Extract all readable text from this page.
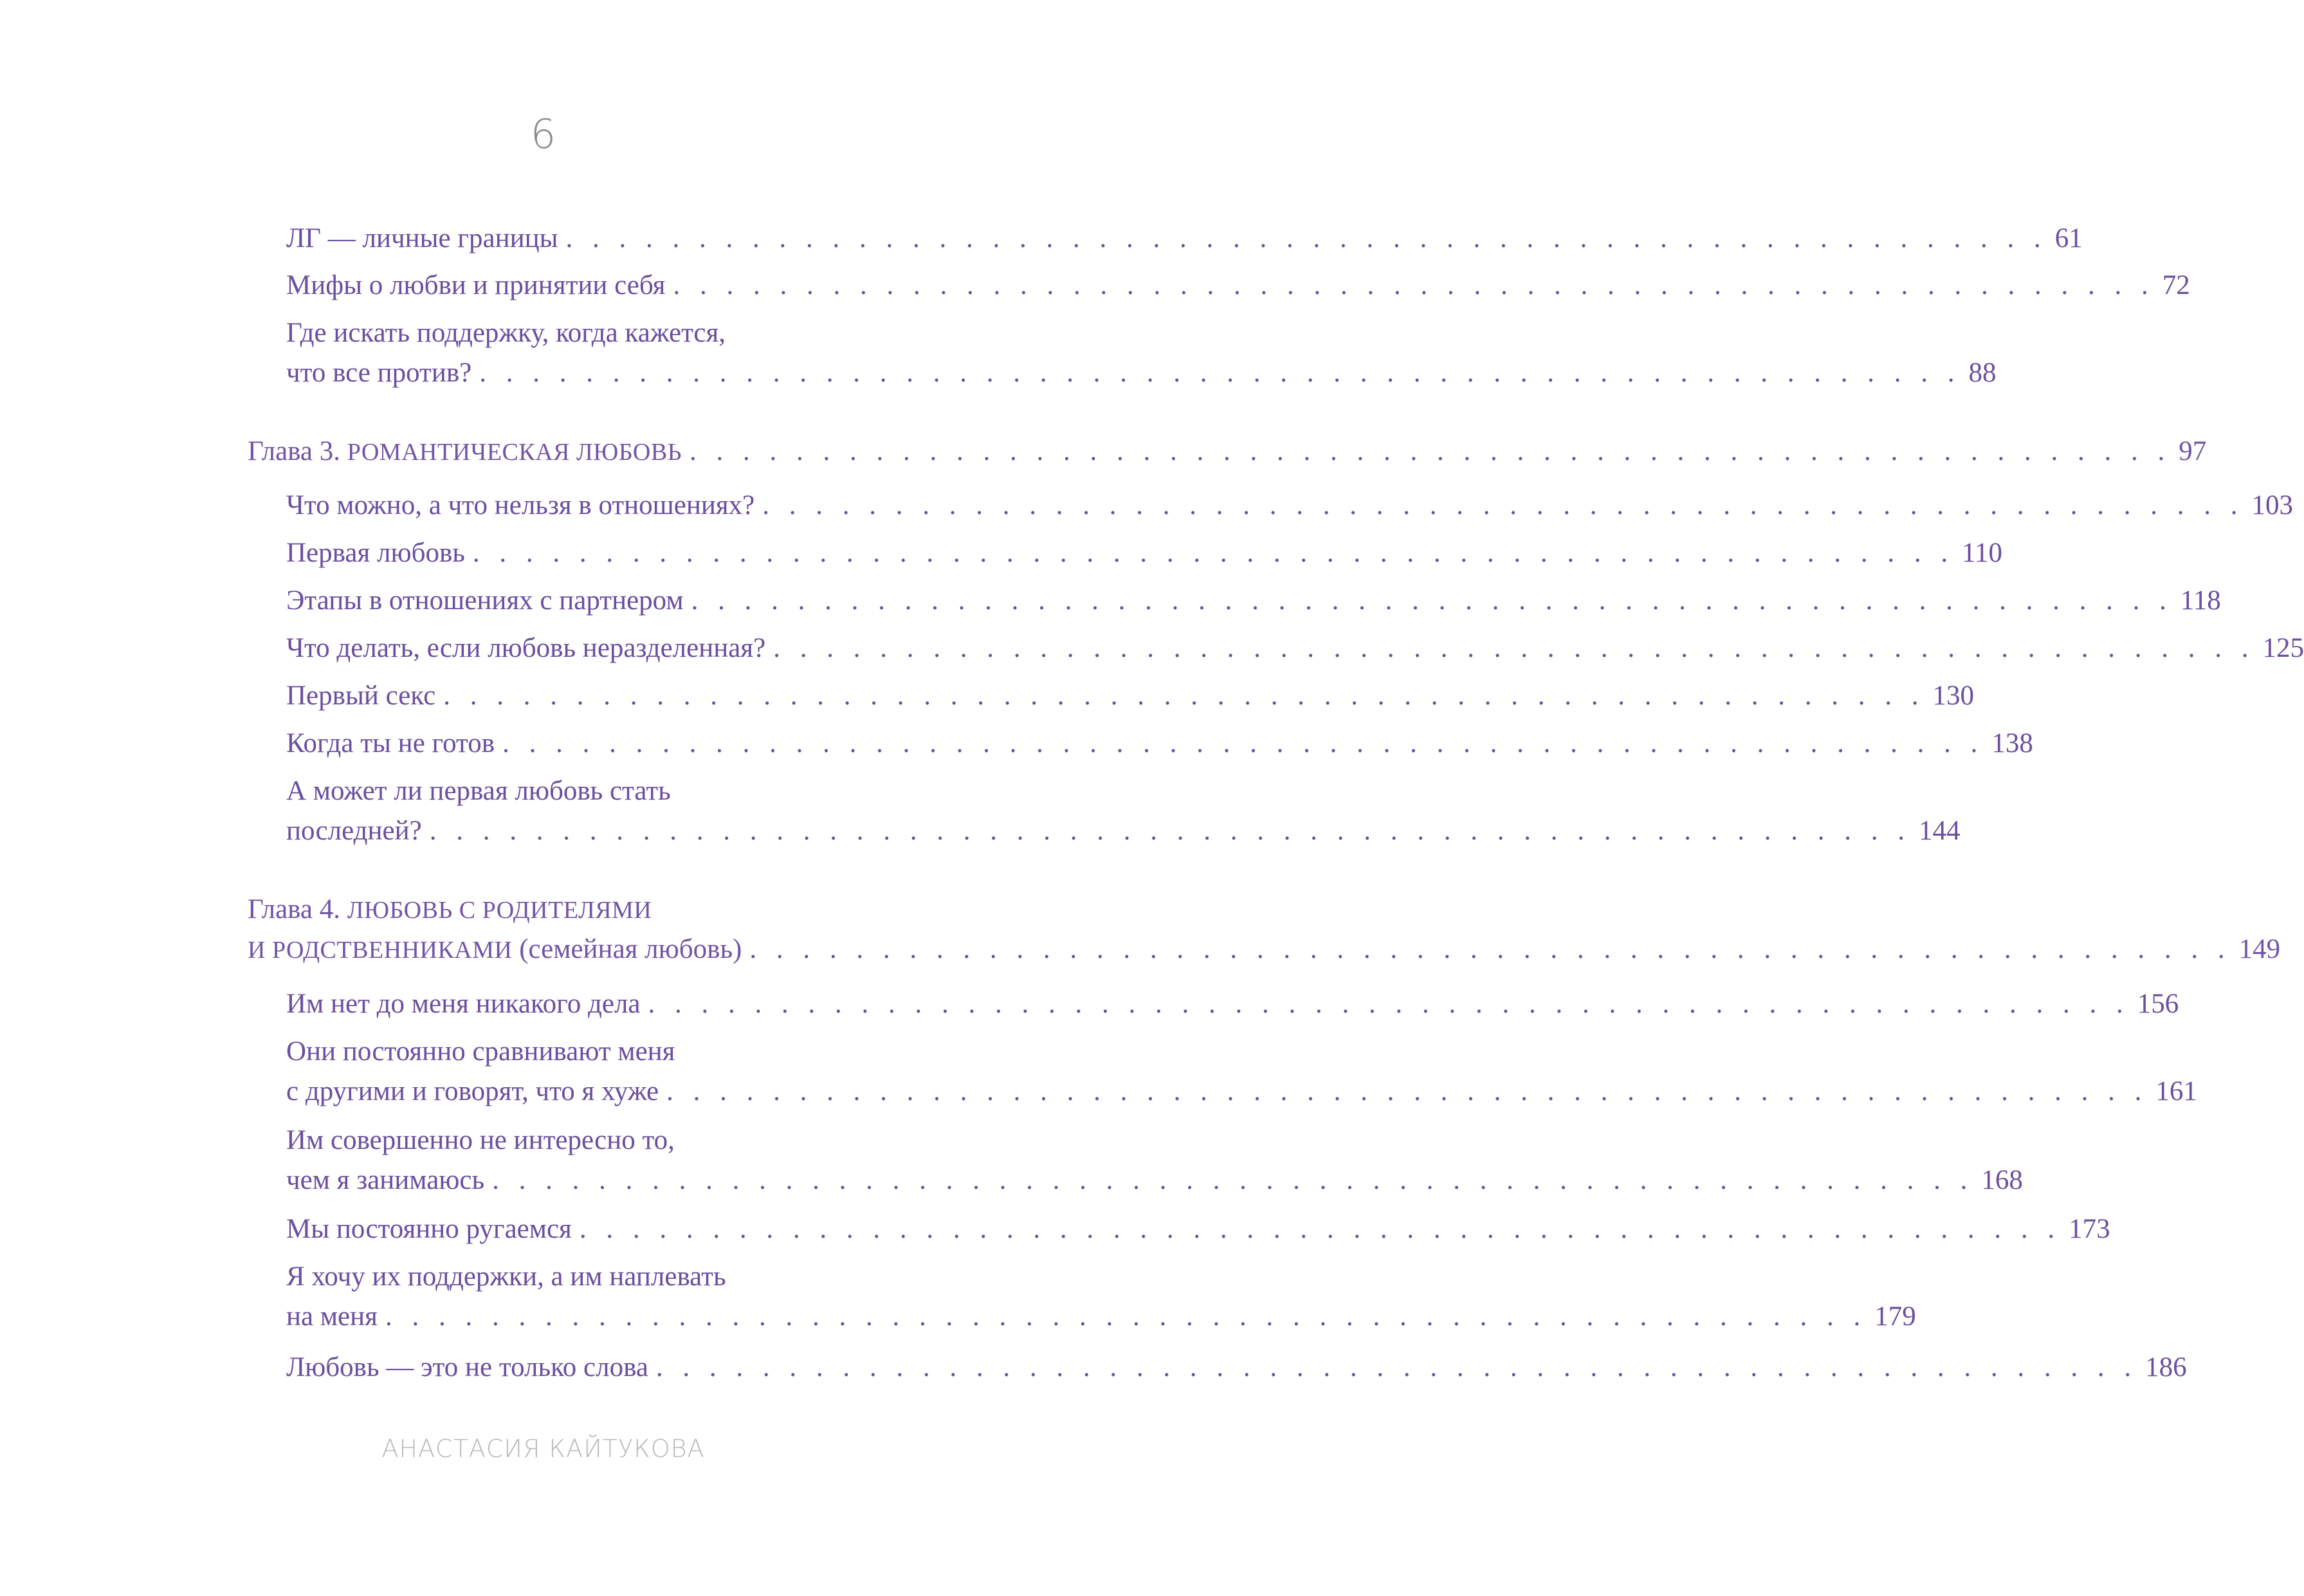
6
ЛГ — личные границы . . . . . . . . . . . . . . . . . . . . . . . . . . . . . . . . . . . . . . . . . . . . . . . . . . . . . . . . 61
Мифы о любви и принятии себя . . . . . . . . . . . . . . . . . . . . . . . . . . . . . . . . . . . . . . . . . . . . . . . . . . . . . . . . 72
Где искать поддержку, когда кажется,
что все против? . . . . . . . . . . . . . . . . . . . . . . . . . . . . . . . . . . . . . . . . . . . . . . . . . . . . . . . . 88
Глава 3. РОМАНТИЧЕСКАЯ ЛЮБОВЬ . . . . . . . . . . . . . . . . . . . . . . . . . . . . . . . . . . . . . . . . . . . . . . . . . . . . . . . . 97
Что можно, а что нельзя в отношениях? . . . . . . . . . . . . . . . . . . . . . . . . . . . . . . . . . . . . . . . . . . . . . . . . . . . . . . . . 103
Первая любовь . . . . . . . . . . . . . . . . . . . . . . . . . . . . . . . . . . . . . . . . . . . . . . . . . . . . . . . . 110
Этапы в отношениях с партнером . . . . . . . . . . . . . . . . . . . . . . . . . . . . . . . . . . . . . . . . . . . . . . . . . . . . . . . . 118
Что делать, если любовь неразделенная? . . . . . . . . . . . . . . . . . . . . . . . . . . . . . . . . . . . . . . . . . . . . . . . . . . . . . . . . 125
Первый секс . . . . . . . . . . . . . . . . . . . . . . . . . . . . . . . . . . . . . . . . . . . . . . . . . . . . . . . . 130
Когда ты не готов . . . . . . . . . . . . . . . . . . . . . . . . . . . . . . . . . . . . . . . . . . . . . . . . . . . . . . . . 138
А может ли первая любовь стать
последней? . . . . . . . . . . . . . . . . . . . . . . . . . . . . . . . . . . . . . . . . . . . . . . . . . . . . . . . . 144
Глава 4. ЛЮБОВЬ С РОДИТЕЛЯМИ
И РОДСТВЕННИКАМИ (семейная любовь) . . . . . . . . . . . . . . . . . . . . . . . . . . . . . . . . . . . . . . . . . . . . . . . . . . . . . . . . 149
Им нет до меня никакого дела . . . . . . . . . . . . . . . . . . . . . . . . . . . . . . . . . . . . . . . . . . . . . . . . . . . . . . . . 156
Они постоянно сравнивают меня
с другими и говорят, что я хуже . . . . . . . . . . . . . . . . . . . . . . . . . . . . . . . . . . . . . . . . . . . . . . . . . . . . . . . . 161
Им совершенно не интересно то,
чем я занимаюсь . . . . . . . . . . . . . . . . . . . . . . . . . . . . . . . . . . . . . . . . . . . . . . . . . . . . . . . . 168
Мы постоянно ругаемся . . . . . . . . . . . . . . . . . . . . . . . . . . . . . . . . . . . . . . . . . . . . . . . . . . . . . . . . 173
Я хочу их поддержки, а им наплевать
на меня . . . . . . . . . . . . . . . . . . . . . . . . . . . . . . . . . . . . . . . . . . . . . . . . . . . . . . . . 179
Любовь — это не только слова . . . . . . . . . . . . . . . . . . . . . . . . . . . . . . . . . . . . . . . . . . . . . . . . . . . . . . . . 186
АНАСТАСИЯ КАЙТУКОВА
